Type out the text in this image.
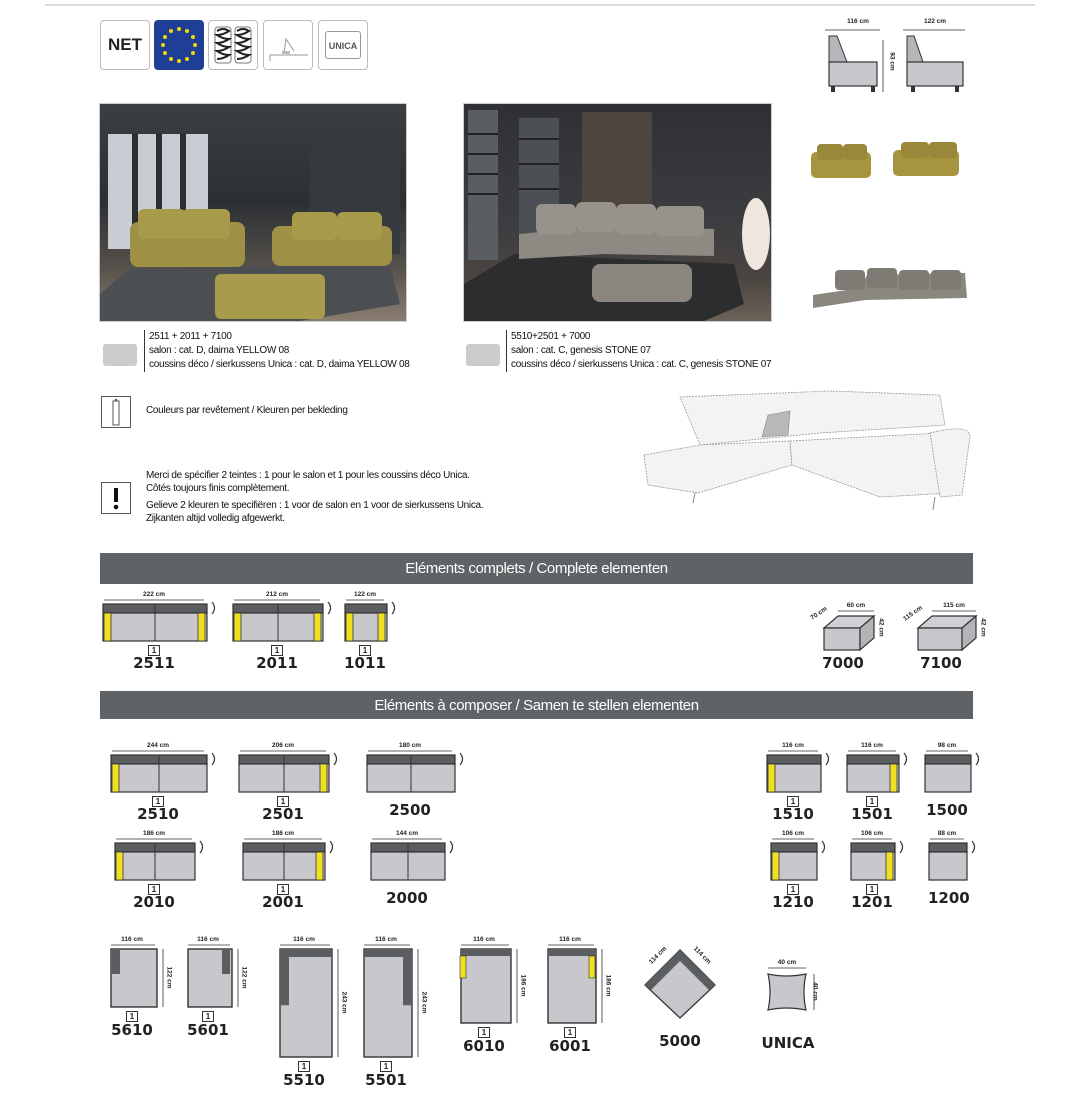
NET	UNICA
116 cm
93 cm
122 cm
2511 + 2011 + 7100
salon : cat. D, daima YELLOW 08
coussins déco / sierkussens Unica : cat. D, daima YELLOW 08
5510+2501 + 7000
salon : cat. C, genesis STONE 07
coussins déco / sierkussens Unica : cat. C, genesis STONE 07
Couleurs par revêtement / Kleuren per bekleding
Merci de spécifier 2 teintes : 1 pour le salon et 1 pour les coussins déco Unica.
Côtés toujours finis complètement.
Gelieve 2 kleuren te specifiëren : 1 voor de salon en 1 voor de sierkussens Unica.
Zijkanten altijd volledig afgewerkt.
Eléments complets / Complete elementen
222 cm
1
2511
212 cm
1
2011
122 cm
1
1011
60 cm
70 cm
42 cm
7000
115 cm
115 cm
42 cm
7100
Eléments à composer / Samen te stellen elementen
244 cm
1
2510
206 cm
1
2501
180 cm
2500
116 cm
1
1510
116 cm
1
1501
98 cm
1500
186 cm
1
2010
186 cm
1
2001
144 cm
2000
106 cm
1
1210
106 cm
1
1201
88 cm
1200
116 cm
122 cm
1
5610
116 cm
122 cm
1
5601
116 cm
243 cm
1
5510
116 cm
243 cm
1
5501
116 cm
186 cm
1
6010
116 cm
186 cm
1
6001
114 cm	114 cm
5000
40 cm
40 cm
UNICA
